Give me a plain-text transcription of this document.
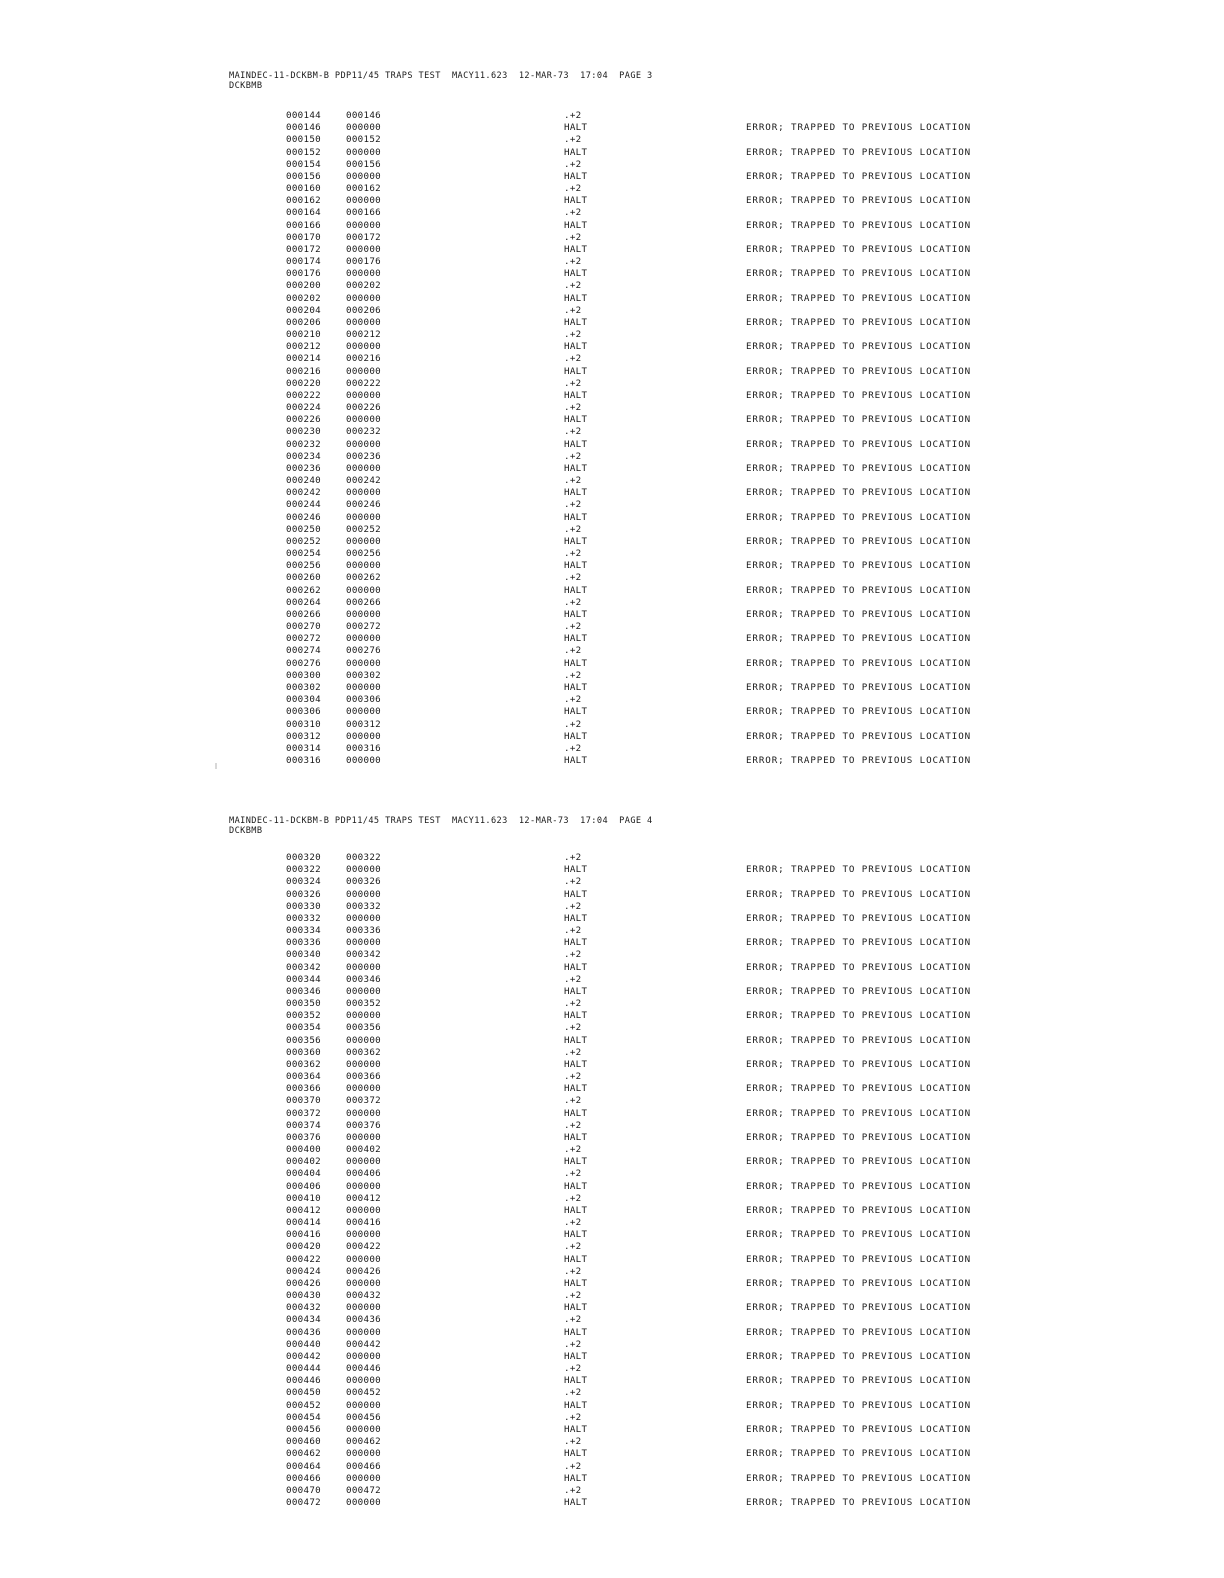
MAINDEC-11-DCKBM-B PDP11/45 TRAPS TEST  MACY11.623  12-MAR-73  17:04  PAGE 3
DCKBMB
000144	000146	.+2
000146	000000	HALT	ERROR; TRAPPED TO PREVIOUS LOCATION
000150	000152	.+2
000152	000000	HALT	ERROR; TRAPPED TO PREVIOUS LOCATION
000154	000156	.+2
000156	000000	HALT	ERROR; TRAPPED TO PREVIOUS LOCATION
000160	000162	.+2
000162	000000	HALT	ERROR; TRAPPED TO PREVIOUS LOCATION
000164	000166	.+2
000166	000000	HALT	ERROR; TRAPPED TO PREVIOUS LOCATION
000170	000172	.+2
000172	000000	HALT	ERROR; TRAPPED TO PREVIOUS LOCATION
000174	000176	.+2
000176	000000	HALT	ERROR; TRAPPED TO PREVIOUS LOCATION
000200	000202	.+2
000202	000000	HALT	ERROR; TRAPPED TO PREVIOUS LOCATION
000204	000206	.+2
000206	000000	HALT	ERROR; TRAPPED TO PREVIOUS LOCATION
000210	000212	.+2
000212	000000	HALT	ERROR; TRAPPED TO PREVIOUS LOCATION
000214	000216	.+2
000216	000000	HALT	ERROR; TRAPPED TO PREVIOUS LOCATION
000220	000222	.+2
000222	000000	HALT	ERROR; TRAPPED TO PREVIOUS LOCATION
000224	000226	.+2
000226	000000	HALT	ERROR; TRAPPED TO PREVIOUS LOCATION
000230	000232	.+2
000232	000000	HALT	ERROR; TRAPPED TO PREVIOUS LOCATION
000234	000236	.+2
000236	000000	HALT	ERROR; TRAPPED TO PREVIOUS LOCATION
000240	000242	.+2
000242	000000	HALT	ERROR; TRAPPED TO PREVIOUS LOCATION
000244	000246	.+2
000246	000000	HALT	ERROR; TRAPPED TO PREVIOUS LOCATION
000250	000252	.+2
000252	000000	HALT	ERROR; TRAPPED TO PREVIOUS LOCATION
000254	000256	.+2
000256	000000	HALT	ERROR; TRAPPED TO PREVIOUS LOCATION
000260	000262	.+2
000262	000000	HALT	ERROR; TRAPPED TO PREVIOUS LOCATION
000264	000266	.+2
000266	000000	HALT	ERROR; TRAPPED TO PREVIOUS LOCATION
000270	000272	.+2
000272	000000	HALT	ERROR; TRAPPED TO PREVIOUS LOCATION
000274	000276	.+2
000276	000000	HALT	ERROR; TRAPPED TO PREVIOUS LOCATION
000300	000302	.+2
000302	000000	HALT	ERROR; TRAPPED TO PREVIOUS LOCATION
000304	000306	.+2
000306	000000	HALT	ERROR; TRAPPED TO PREVIOUS LOCATION
000310	000312	.+2
000312	000000	HALT	ERROR; TRAPPED TO PREVIOUS LOCATION
000314	000316	.+2
000316	000000	HALT	ERROR; TRAPPED TO PREVIOUS LOCATION
MAINDEC-11-DCKBM-B PDP11/45 TRAPS TEST  MACY11.623  12-MAR-73  17:04  PAGE 4
DCKBMB
000320	000322	.+2
000322	000000	HALT	ERROR; TRAPPED TO PREVIOUS LOCATION
000324	000326	.+2
000326	000000	HALT	ERROR; TRAPPED TO PREVIOUS LOCATION
000330	000332	.+2
000332	000000	HALT	ERROR; TRAPPED TO PREVIOUS LOCATION
000334	000336	.+2
000336	000000	HALT	ERROR; TRAPPED TO PREVIOUS LOCATION
000340	000342	.+2
000342	000000	HALT	ERROR; TRAPPED TO PREVIOUS LOCATION
000344	000346	.+2
000346	000000	HALT	ERROR; TRAPPED TO PREVIOUS LOCATION
000350	000352	.+2
000352	000000	HALT	ERROR; TRAPPED TO PREVIOUS LOCATION
000354	000356	.+2
000356	000000	HALT	ERROR; TRAPPED TO PREVIOUS LOCATION
000360	000362	.+2
000362	000000	HALT	ERROR; TRAPPED TO PREVIOUS LOCATION
000364	000366	.+2
000366	000000	HALT	ERROR; TRAPPED TO PREVIOUS LOCATION
000370	000372	.+2
000372	000000	HALT	ERROR; TRAPPED TO PREVIOUS LOCATION
000374	000376	.+2
000376	000000	HALT	ERROR; TRAPPED TO PREVIOUS LOCATION
000400	000402	.+2
000402	000000	HALT	ERROR; TRAPPED TO PREVIOUS LOCATION
000404	000406	.+2
000406	000000	HALT	ERROR; TRAPPED TO PREVIOUS LOCATION
000410	000412	.+2
000412	000000	HALT	ERROR; TRAPPED TO PREVIOUS LOCATION
000414	000416	.+2
000416	000000	HALT	ERROR; TRAPPED TO PREVIOUS LOCATION
000420	000422	.+2
000422	000000	HALT	ERROR; TRAPPED TO PREVIOUS LOCATION
000424	000426	.+2
000426	000000	HALT	ERROR; TRAPPED TO PREVIOUS LOCATION
000430	000432	.+2
000432	000000	HALT	ERROR; TRAPPED TO PREVIOUS LOCATION
000434	000436	.+2
000436	000000	HALT	ERROR; TRAPPED TO PREVIOUS LOCATION
000440	000442	.+2
000442	000000	HALT	ERROR; TRAPPED TO PREVIOUS LOCATION
000444	000446	.+2
000446	000000	HALT	ERROR; TRAPPED TO PREVIOUS LOCATION
000450	000452	.+2
000452	000000	HALT	ERROR; TRAPPED TO PREVIOUS LOCATION
000454	000456	.+2
000456	000000	HALT	ERROR; TRAPPED TO PREVIOUS LOCATION
000460	000462	.+2
000462	000000	HALT	ERROR; TRAPPED TO PREVIOUS LOCATION
000464	000466	.+2
000466	000000	HALT	ERROR; TRAPPED TO PREVIOUS LOCATION
000470	000472	.+2
000472	000000	HALT	ERROR; TRAPPED TO PREVIOUS LOCATION
